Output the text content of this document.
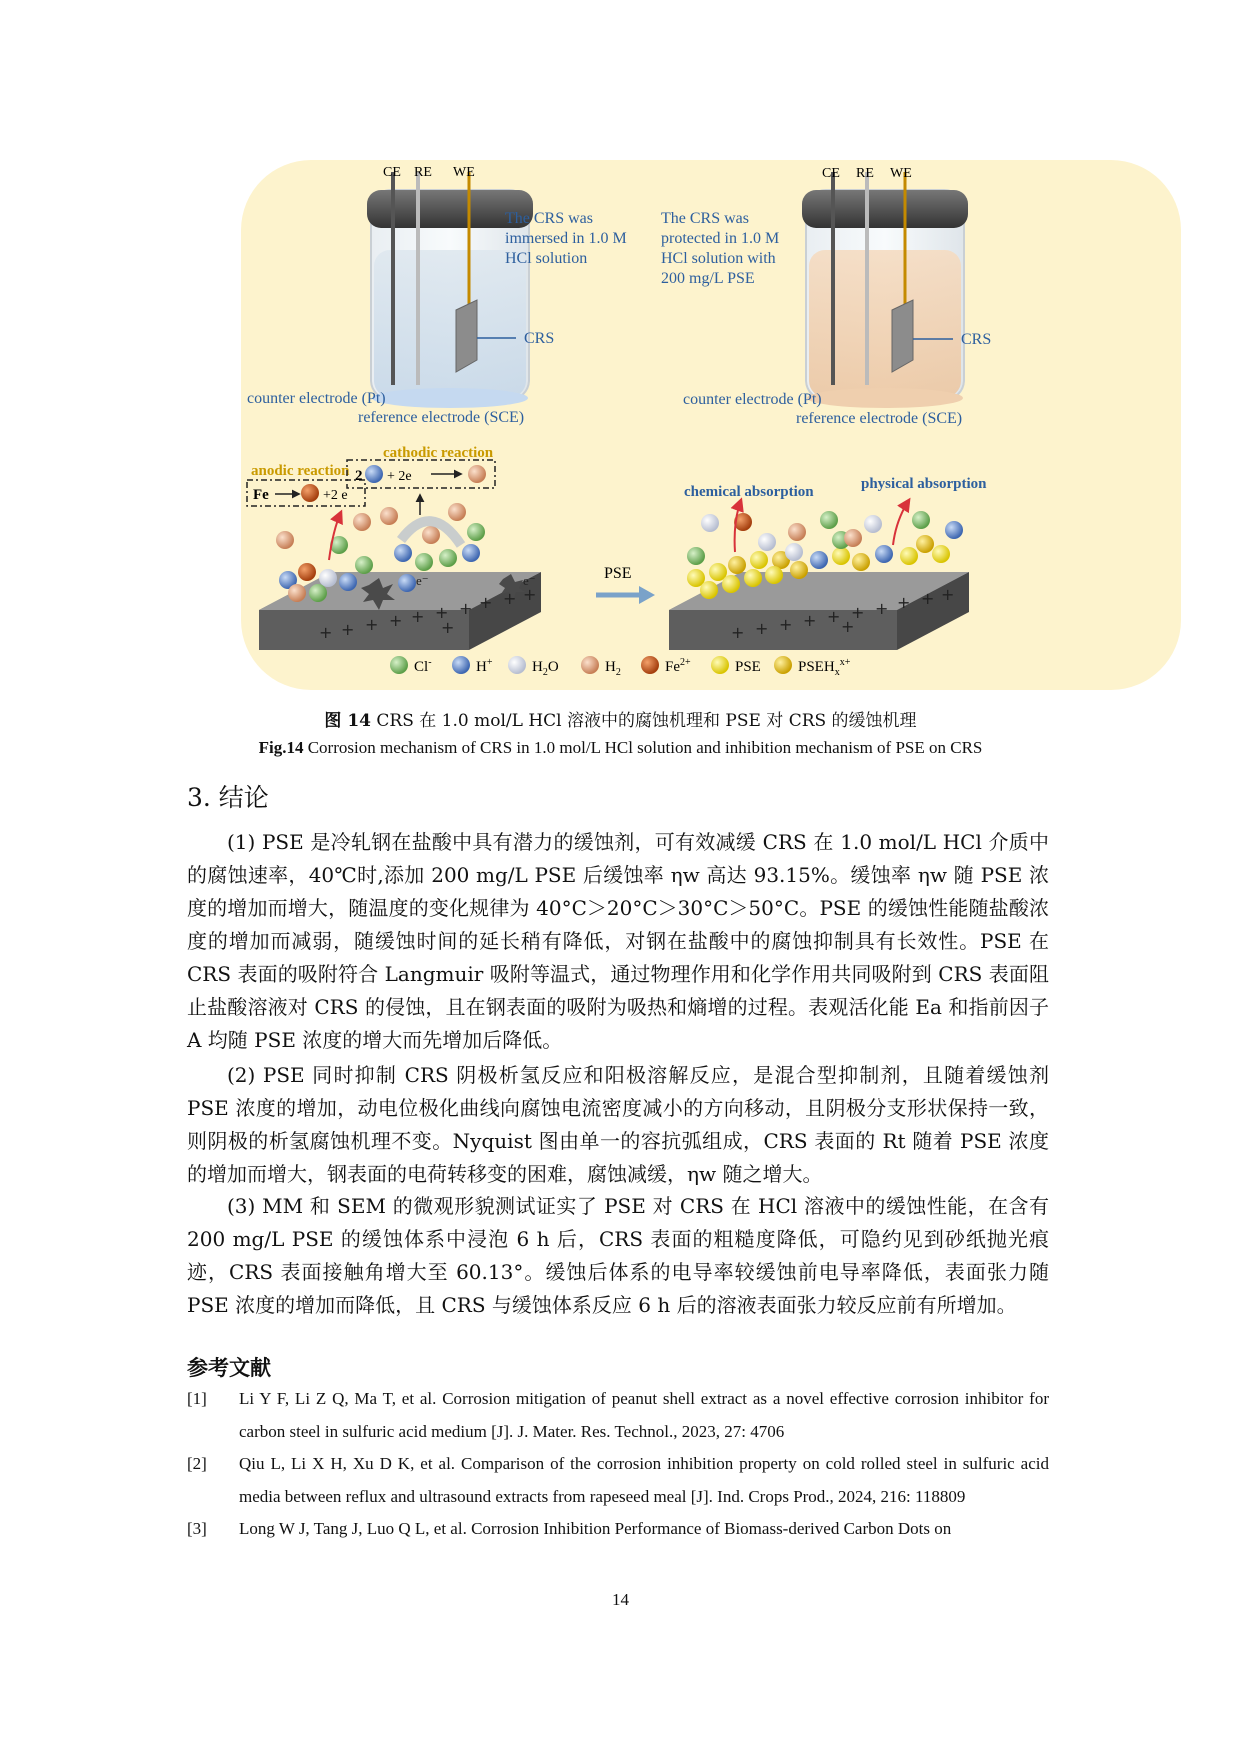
CE RE WE
The CRS was
immersed in 1.0 M
HCl solution
CRS
counter electrode (Pt)
reference electrode (SCE)
CE RE WE
The CRS was
protected in 1.0 M
HCl solution with
200 mg/L PSE
CRS
counter electrode (Pt)
reference electrode (SCE)
anodic reaction
cathodic reaction
Fe	+2 e
2 + 2e
+ + + + + + + + + +
+
e⁻	e⁻	PSE
+ + + + + + + + + +
+
chemical absorption	physical absorption
Cl-	H+	$H_2O$	$H_2$	$Fe^{2+}$	PSE $PSEH_x^{x+}$
图 14 CRS 在 1.0 mol/L HCl 溶液中的腐蚀机理和 PSE 对 CRS 的缓蚀机理
Fig.14 Corrosion mechanism of CRS in 1.0 mol/L HCl solution and inhibition mechanism of PSE on CRS
3. 结论

(1) PSE 是冷轧钢在盐酸中具有潜力的缓蚀剂，可有效减缓 CRS 在 1.0 mol/L HCl 介质中的腐蚀速率，40℃时,添加 200 mg/L PSE 后缓蚀率 ηw 高达 93.15%。缓蚀率 ηw 随 PSE 浓度的增加而增大，随温度的变化规律为 40°C＞20°C＞30°C＞50°C。PSE 的缓蚀性能随盐酸浓度的增加而减弱，随缓蚀时间的延长稍有降低，对钢在盐酸中的腐蚀抑制具有长效性。PSE 在 CRS 表面的吸附符合 Langmuir 吸附等温式，通过物理作用和化学作用共同吸附到 CRS 表面阻止盐酸溶液对 CRS 的侵蚀，且在钢表面的吸附为吸热和熵增的过程。表观活化能 Ea 和指前因子 A 均随 PSE 浓度的增大而先增加后降低。

(2) PSE 同时抑制 CRS 阴极析氢反应和阳极溶解反应，是混合型抑制剂，且随着缓蚀剂 PSE 浓度的增加，动电位极化曲线向腐蚀电流密度减小的方向移动，且阴极分支形状保持一致，则阴极的析氢腐蚀机理不变。Nyquist 图由单一的容抗弧组成，CRS 表面的 Rt 随着 PSE 浓度的增加而增大，钢表面的电荷转移变的困难，腐蚀减缓，ηw 随之增大。

(3) MM 和 SEM 的微观形貌测试证实了 PSE 对 CRS 在 HCl 溶液中的缓蚀性能，在含有 200 mg/L PSE 的缓蚀体系中浸泡 6 h 后，CRS 表面的粗糙度降低，可隐约见到砂纸抛光痕迹，CRS 表面接触角增大至 60.13°。缓蚀后体系的电导率较缓蚀前电导率降低，表面张力随 PSE 浓度的增加而降低，且 CRS 与缓蚀体系反应 6 h 后的溶液表面张力较反应前有所增加。

参考文献
[1]	Li Y F, Li Z Q, Ma T, et al. Corrosion mitigation of peanut shell extract as a novel effective corrosion inhibitor for carbon steel in sulfuric acid medium [J]. J. Mater. Res. Technol., 2023, 27: 4706
[2]	Qiu L, Li X H, Xu D K, et al. Comparison of the corrosion inhibition property on cold rolled steel in sulfuric acid media between reflux and ultrasound extracts from rapeseed meal [J]. Ind. Crops Prod., 2024, 216: 118809
[3]	Long W J, Tang J, Luo Q L, et al. Corrosion Inhibition Performance of Biomass-derived Carbon Dots on
14
